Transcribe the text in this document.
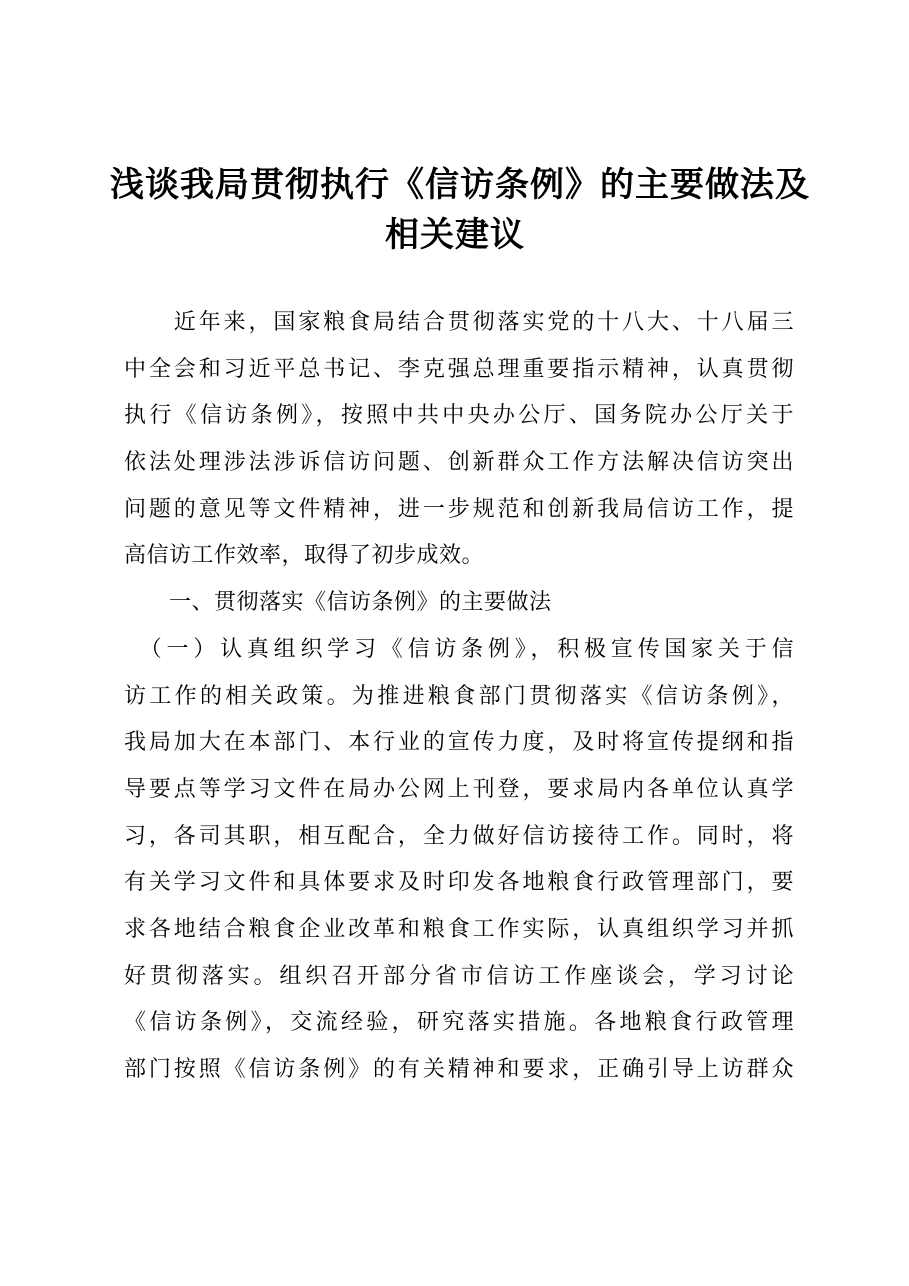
浅谈我局贯彻执行《信访条例》的主要做法及
相关建议
　　近年来，国家粮食局结合贯彻落实党的十八大、十八届三
中全会和习近平总书记、李克强总理重要指示精神，认真贯彻
执行《信访条例》，按照中共中央办公厅、国务院办公厅关于
依法处理涉法涉诉信访问题、创新群众工作方法解决信访突出
问题的意见等文件精神，进一步规范和创新我局信访工作，提
高信访工作效率，取得了初步成效。
　　一、贯彻落实《信访条例》的主要做法
　（一）认真组织学习《信访条例》，积极宣传国家关于信
访工作的相关政策。为推进粮食部门贯彻落实《信访条例》，
我局加大在本部门、本行业的宣传力度，及时将宣传提纲和指
导要点等学习文件在局办公网上刊登，要求局内各单位认真学
习，各司其职，相互配合，全力做好信访接待工作。同时，将
有关学习文件和具体要求及时印发各地粮食行政管理部门，要
求各地结合粮食企业改革和粮食工作实际，认真组织学习并抓
好贯彻落实。组织召开部分省市信访工作座谈会，学习讨论
《信访条例》，交流经验，研究落实措施。各地粮食行政管理
部门按照《信访条例》的有关精神和要求，正确引导上访群众
